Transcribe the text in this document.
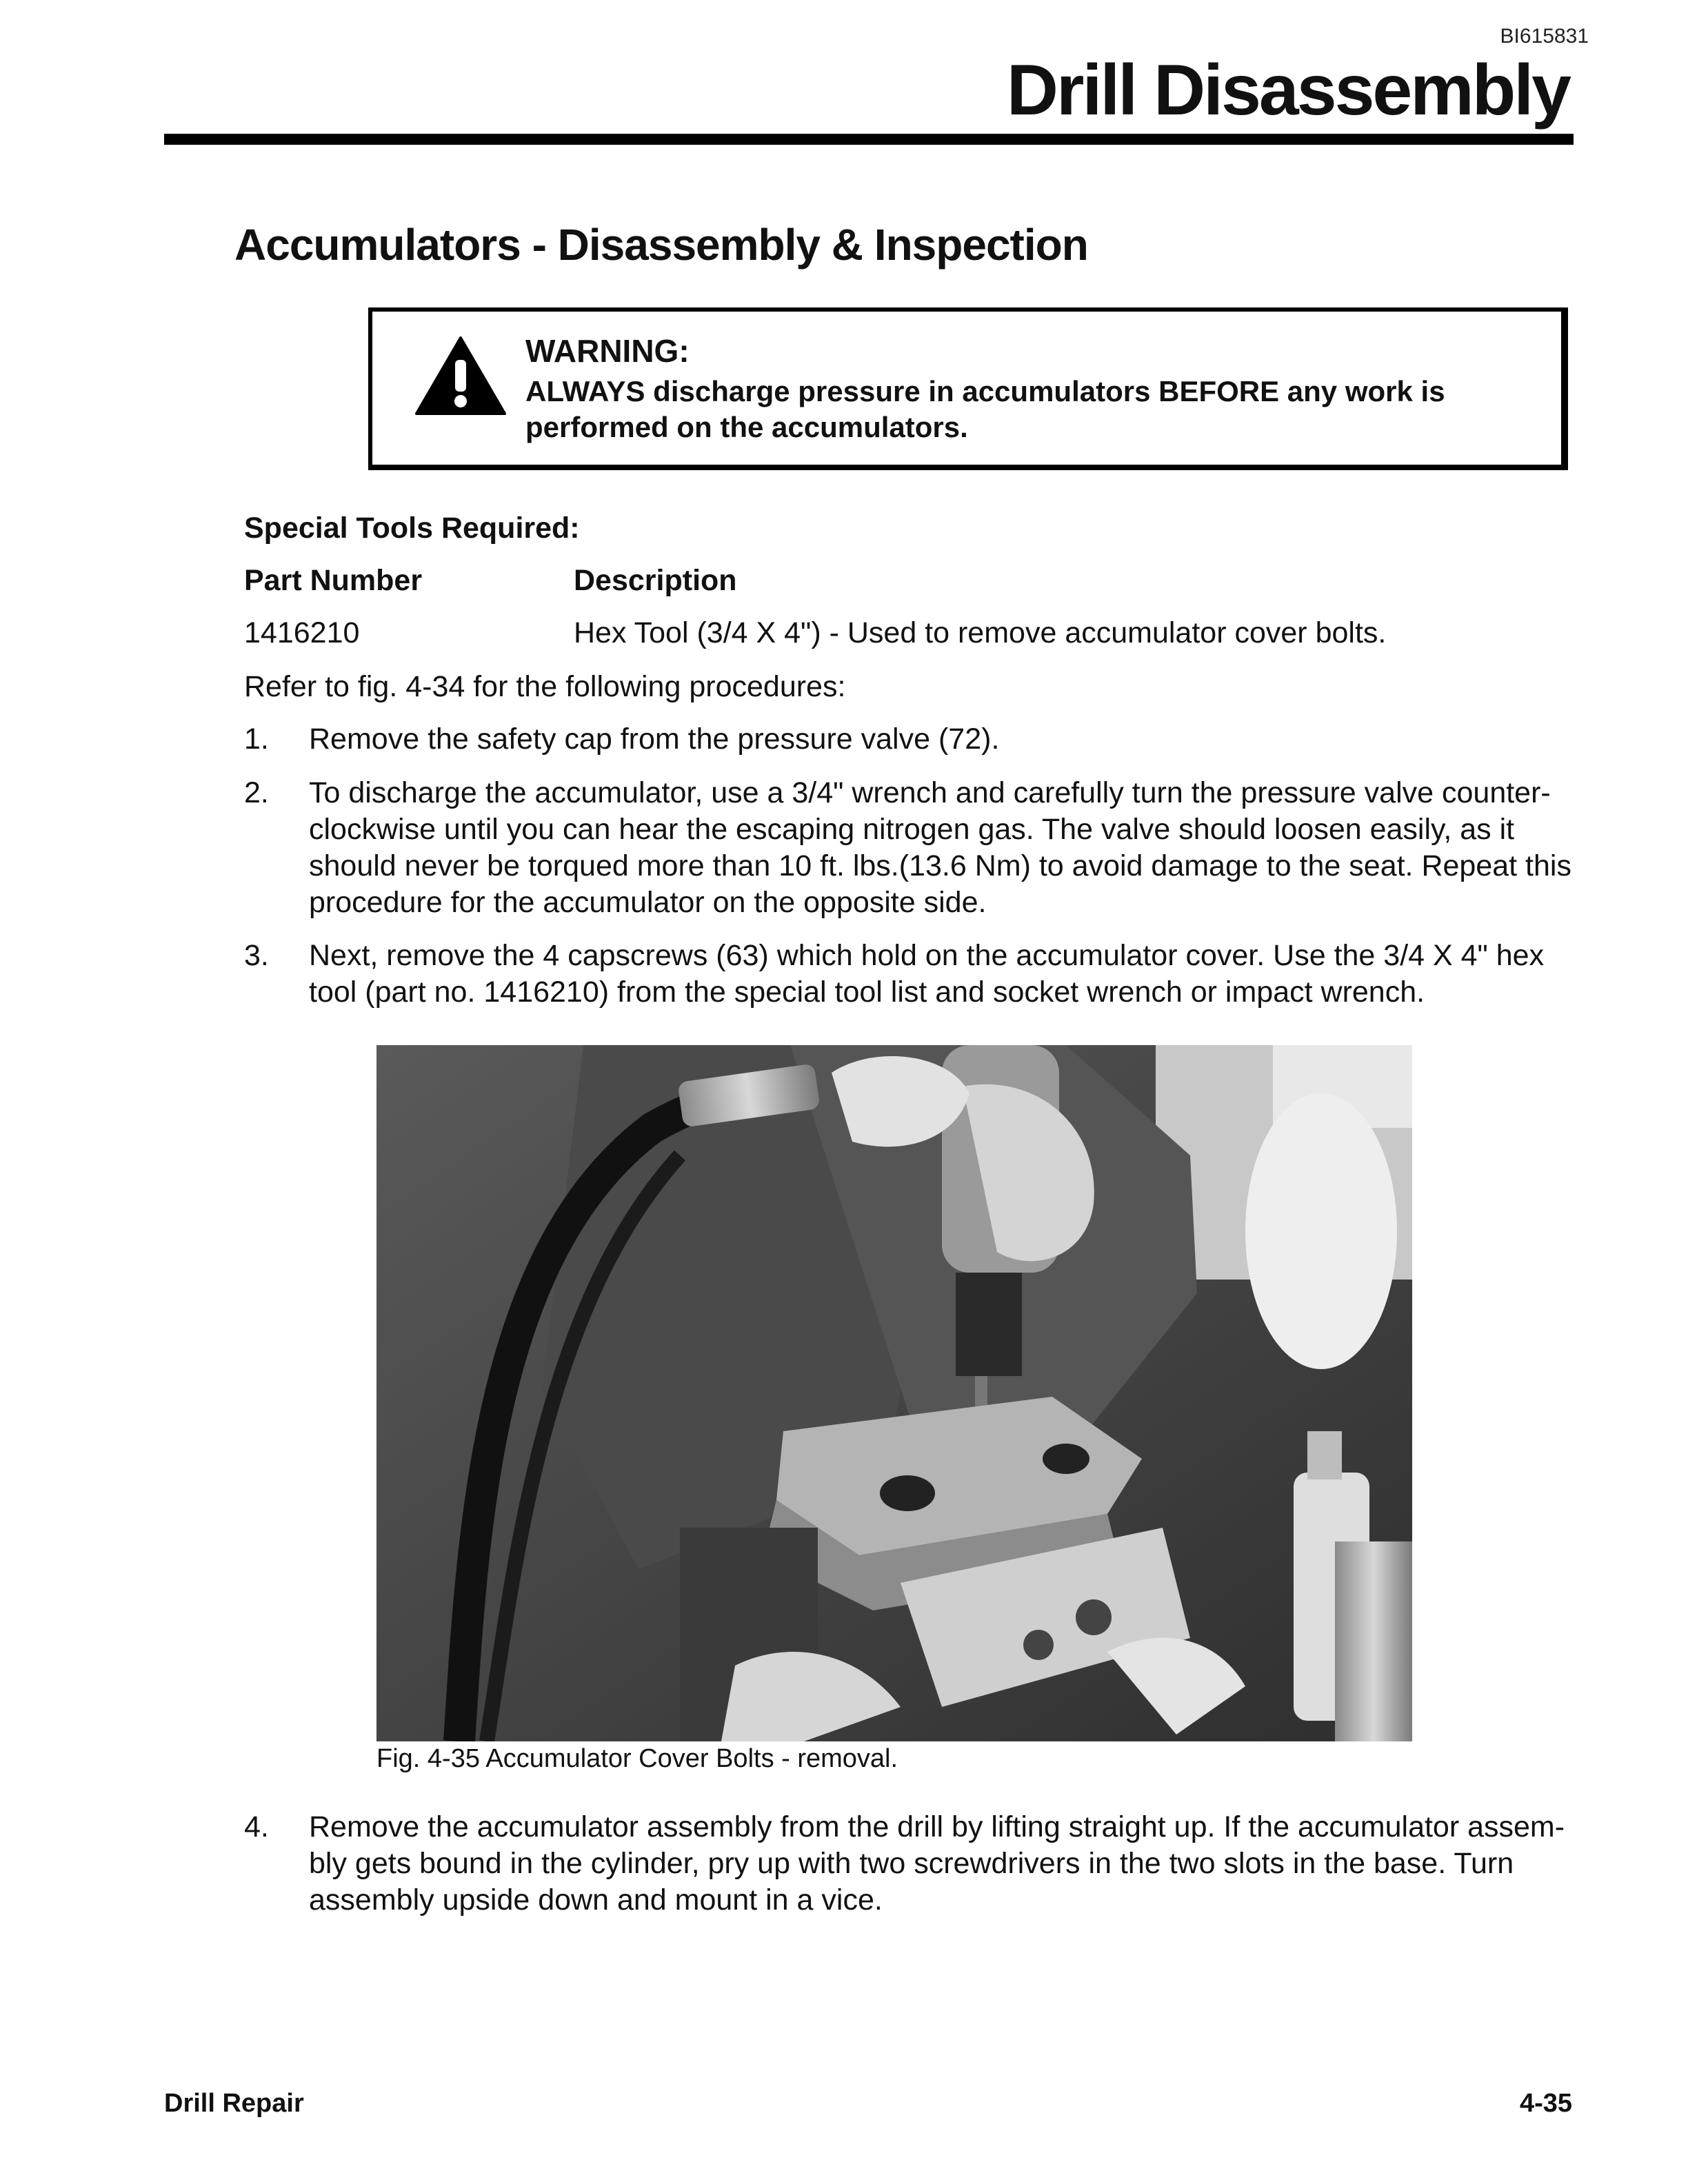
BI615831
Drill Disassembly
Accumulators - Disassembly & Inspection
WARNING:
ALWAYS discharge pressure in accumulators BEFORE any work is performed on the accumulators.
Special Tools Required:
Part Number	Description
1416210	Hex Tool (3/4 X 4") - Used to remove accumulator cover bolts.
Refer to fig. 4-34 for the following procedures:
1. Remove the safety cap from the pressure valve (72).
2. To discharge the accumulator, use a 3/4" wrench and carefully turn the pressure valve counter-clockwise until you can hear the escaping nitrogen gas. The valve should loosen easily, as it should never be torqued more than 10 ft. lbs.(13.6 Nm) to avoid damage to the seat. Repeat this procedure for the accumulator on the opposite side.
3. Next, remove the 4 capscrews (63) which hold on the accumulator cover. Use the 3/4 X 4" hex tool (part no. 1416210) from the special tool list and socket wrench or impact wrench.
Fig. 4-35 Accumulator Cover Bolts - removal.
4. Remove the accumulator assembly from the drill by lifting straight up. If the accumulator assem-bly gets bound in the cylinder, pry up with two screwdrivers in the two slots in the base. Turn assembly upside down and mount in a vice.
Drill Repair	4-35
